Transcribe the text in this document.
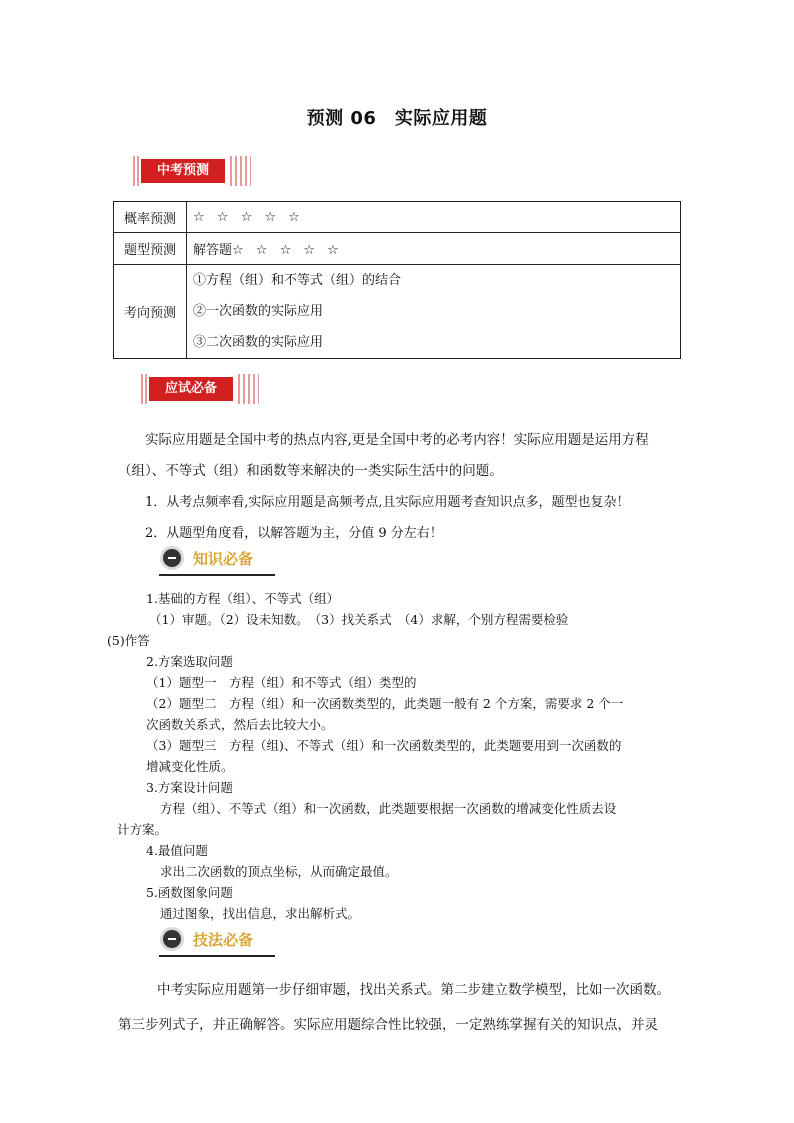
预测 06　实际应用题
中考预测
概率预测	☆ ☆ ☆ ☆ ☆
题型预测	解答题☆ ☆ ☆ ☆ ☆
考向预测	①方程（组）和不等式（组）的结合
②一次函数的实际应用
③二次函数的实际应用
应试必备
实际应用题是全国中考的热点内容,更是全国中考的必考内容！实际应用题是运用方程
（组）、不等式（组）和函数等来解决的一类实际生活中的问题。
1．从考点频率看,实际应用题是高频考点,且实际应用题考查知识点多，题型也复杂！
2．从题型角度看，以解答题为主，分值 9 分左右！
知识必备
1.基础的方程（组）、不等式（组）
（1）审题。（2）设未知数。　（3）找关系式　（4）求解，个别方程需要检验
(5)作答
2.方案选取问题
（1）题型一　方程（组）和不等式（组）类型的
（2）题型二　方程（组）和一次函数类型的，此类题一般有 2 个方案，需要求 2 个一
次函数关系式，然后去比较大小。
（3）题型三　方程（组)、不等式（组）和一次函数类型的，此类题要用到一次函数的
增减变化性质。
3.方案设计问题
方程（组）、不等式（组）和一次函数，此类题要根据一次函数的增减变化性质去设
计方案。
4.最值问题
求出二次函数的顶点坐标，从而确定最值。
5.函数图象问题
通过图象，找出信息，求出解析式。
技法必备
中考实际应用题第一步仔细审题，找出关系式。第二步建立数学模型，比如一次函数。
第三步列式子，并正确解答。实际应用题综合性比较强，一定熟练掌握有关的知识点，并灵
